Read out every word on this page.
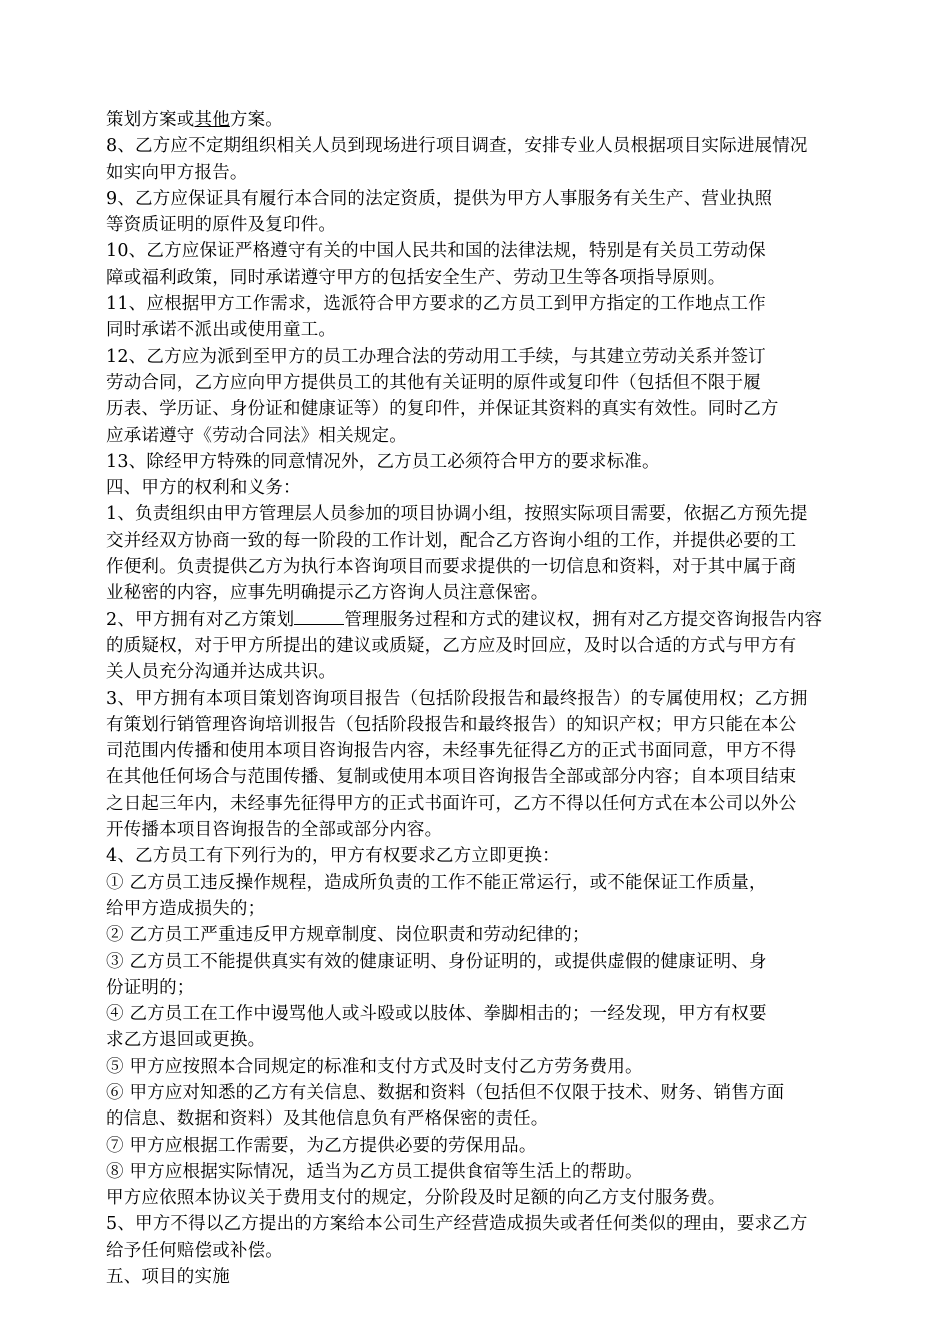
策划方案或其他方案。
8、乙方应不定期组织相关人员到现场进行项目调查，安排专业人员根据项目实际进展情况
如实向甲方报告。
9、乙方应保证具有履行本合同的法定资质，提供为甲方人事服务有关生产、营业执照
等资质证明的原件及复印件。
10、乙方应保证严格遵守有关的中国人民共和国的法律法规，特别是有关员工劳动保
障或福利政策，同时承诺遵守甲方的包括安全生产、劳动卫生等各项指导原则。
11、应根据甲方工作需求，选派符合甲方要求的乙方员工到甲方指定的工作地点工作
同时承诺不派出或使用童工。
12、乙方应为派到至甲方的员工办理合法的劳动用工手续，与其建立劳动关系并签订
劳动合同，乙方应向甲方提供员工的其他有关证明的原件或复印件（包括但不限于履
历表、学历证、身份证和健康证等）的复印件，并保证其资料的真实有效性。同时乙方
应承诺遵守《劳动合同法》相关规定。
13、除经甲方特殊的同意情况外，乙方员工必须符合甲方的要求标准。
四、甲方的权利和义务：
1、负责组织由甲方管理层人员参加的项目协调小组，按照实际项目需要，依据乙方预先提
交并经双方协商一致的每一阶段的工作计划，配合乙方咨询小组的工作，并提供必要的工
作便利。负责提供乙方为执行本咨询项目而要求提供的一切信息和资料，对于其中属于商
业秘密的内容，应事先明确提示乙方咨询人员注意保密。
2、甲方拥有对乙方策划	管理服务过程和方式的建议权，拥有对乙方提交咨询报告内容
的质疑权，对于甲方所提出的建议或质疑，乙方应及时回应，及时以合适的方式与甲方有
关人员充分沟通并达成共识。
3、甲方拥有本项目策划咨询项目报告（包括阶段报告和最终报告）的专属使用权；乙方拥
有策划行销管理咨询培训报告（包括阶段报告和最终报告）的知识产权；甲方只能在本公
司范围内传播和使用本项目咨询报告内容，未经事先征得乙方的正式书面同意，甲方不得
在其他任何场合与范围传播、复制或使用本项目咨询报告全部或部分内容；自本项目结束
之日起三年内，未经事先征得甲方的正式书面许可，乙方不得以任何方式在本公司以外公
开传播本项目咨询报告的全部或部分内容。
4、乙方员工有下列行为的，甲方有权要求乙方立即更换：
① 乙方员工违反操作规程，造成所负责的工作不能正常运行，或不能保证工作质量，
给甲方造成损失的；
② 乙方员工严重违反甲方规章制度、岗位职责和劳动纪律的；
③ 乙方员工不能提供真实有效的健康证明、身份证明的，或提供虚假的健康证明、身
份证明的；
④ 乙方员工在工作中谩骂他人或斗殴或以肢体、拳脚相击的；一经发现，甲方有权要
求乙方退回或更换。
⑤ 甲方应按照本合同规定的标准和支付方式及时支付乙方劳务费用。
⑥ 甲方应对知悉的乙方有关信息、数据和资料（包括但不仅限于技术、财务、销售方面
的信息、数据和资料）及其他信息负有严格保密的责任。
⑦ 甲方应根据工作需要，为乙方提供必要的劳保用品。
⑧ 甲方应根据实际情况，适当为乙方员工提供食宿等生活上的帮助。
甲方应依照本协议关于费用支付的规定，分阶段及时足额的向乙方支付服务费。
5、甲方不得以乙方提出的方案给本公司生产经营造成损失或者任何类似的理由，要求乙方
给予任何赔偿或补偿。
五、项目的实施
